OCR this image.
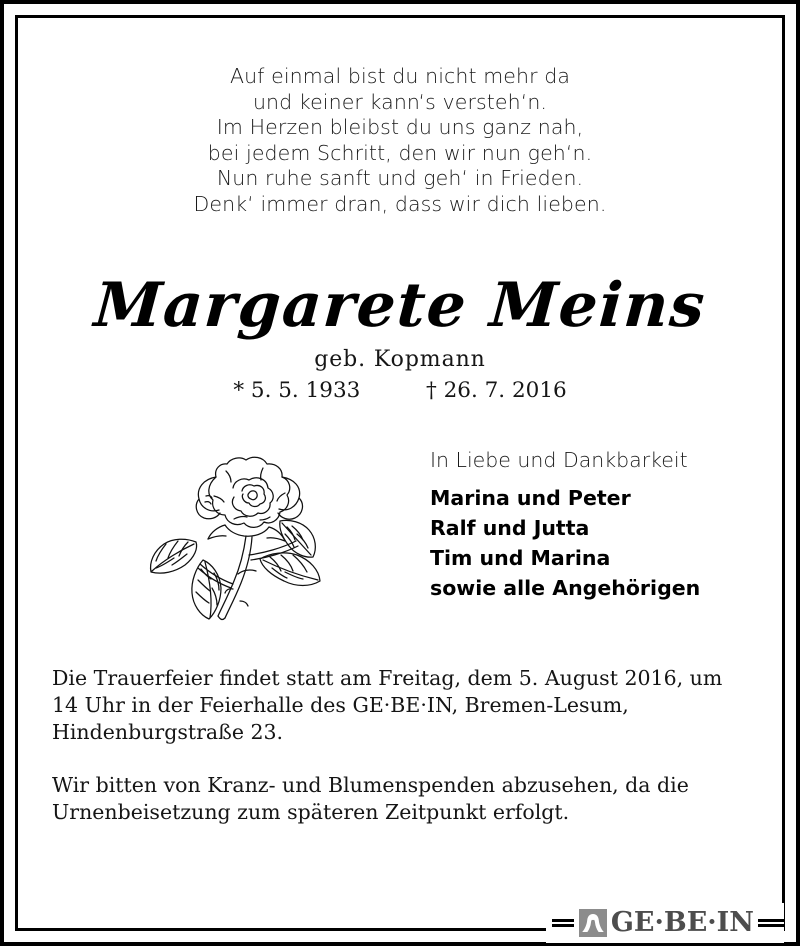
Auf einmal bist du nicht mehr da
und keiner kann‘s versteh‘n.
Im Herzen bleibst du uns ganz nah,
bei jedem Schritt, den wir nun geh‘n.
Nun ruhe sanft und geh‘ in Frieden.
Denk‘ immer dran, dass wir dich lieben.
Margarete Meins
geb. Kopmann
* 5. 5. 1933	† 26. 7. 2016
In Liebe und Dankbarkeit
Marina und Peter
Ralf und Jutta
Tim und Marina
sowie alle Angehörigen
Die Trauerfeier findet statt am Freitag, dem 5. August 2016, um 14 Uhr in der Feierhalle des GE·BE·IN, Bremen-Lesum, Hindenburgstraße 23.
Wir bitten von Kranz- und Blumenspenden abzusehen, da die Urnenbeisetzung zum späteren Zeitpunkt erfolgt.
GE·BE·IN
